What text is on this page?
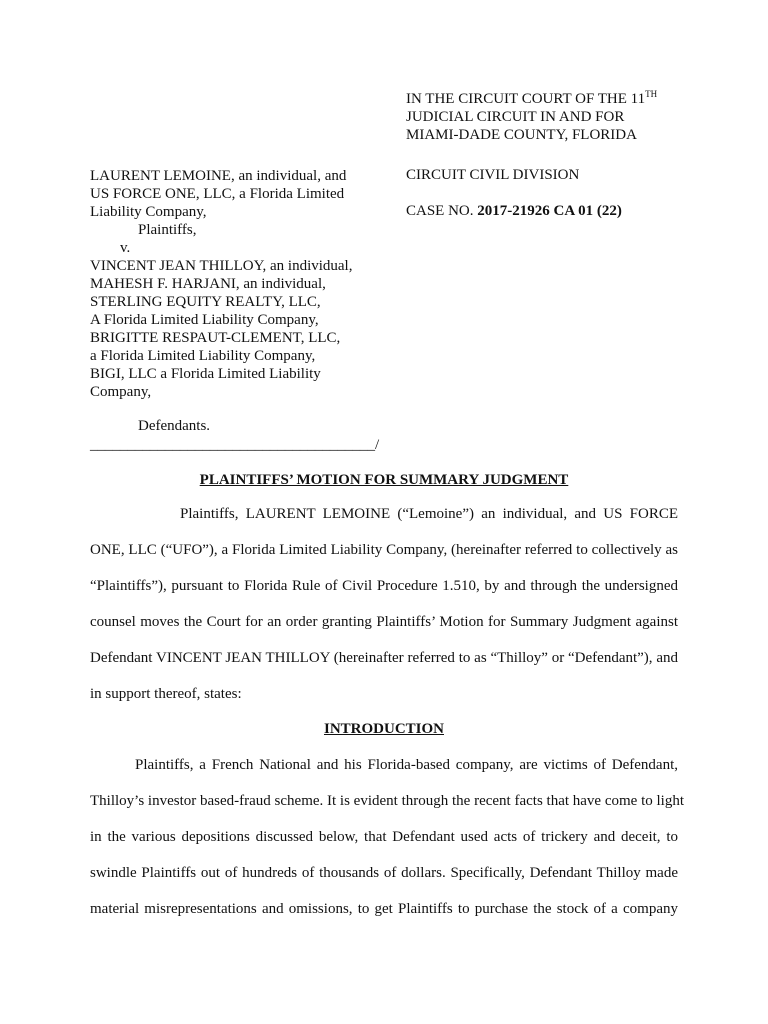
IN THE CIRCUIT COURT OF THE 11TH
JUDICIAL CIRCUIT IN AND FOR
MIAMI-DADE COUNTY, FLORIDA
CIRCUIT CIVIL DIVISION
CASE NO. 2017-21926 CA 01 (22)
LAURENT LEMOINE, an individual, and
US FORCE ONE, LLC, a Florida Limited
Liability Company,
Plaintiffs,
v.
VINCENT JEAN THILLOY, an individual,
MAHESH F. HARJANI, an individual,
STERLING EQUITY REALTY, LLC,
A Florida Limited Liability Company,
BRIGITTE RESPAUT-CLEMENT, LLC,
a Florida Limited Liability Company,
BIGI, LLC a Florida Limited Liability
Company,
Defendants.
______________________________________/
PLAINTIFFS’ MOTION FOR SUMMARY JUDGMENT
Plaintiffs, LAURENT LEMOINE (“Lemoine”) an individual, and US FORCE
ONE, LLC (“UFO”), a Florida Limited Liability Company, (hereinafter referred to collectively as
“Plaintiffs”), pursuant to Florida Rule of Civil Procedure 1.510, by and through the undersigned
counsel moves the Court for an order granting Plaintiffs’ Motion for Summary Judgment against
Defendant VINCENT JEAN THILLOY (hereinafter referred to as “Thilloy” or “Defendant”), and
in support thereof, states:
INTRODUCTION
Plaintiffs, a French National and his Florida-based company, are victims of Defendant,
Thilloy’s investor based-fraud scheme. It is evident through the recent facts that have come to light
in the various depositions discussed below, that Defendant used acts of trickery and deceit, to
swindle Plaintiffs out of hundreds of thousands of dollars. Specifically, Defendant Thilloy made
material misrepresentations and omissions, to get Plaintiffs to purchase the stock of a company
